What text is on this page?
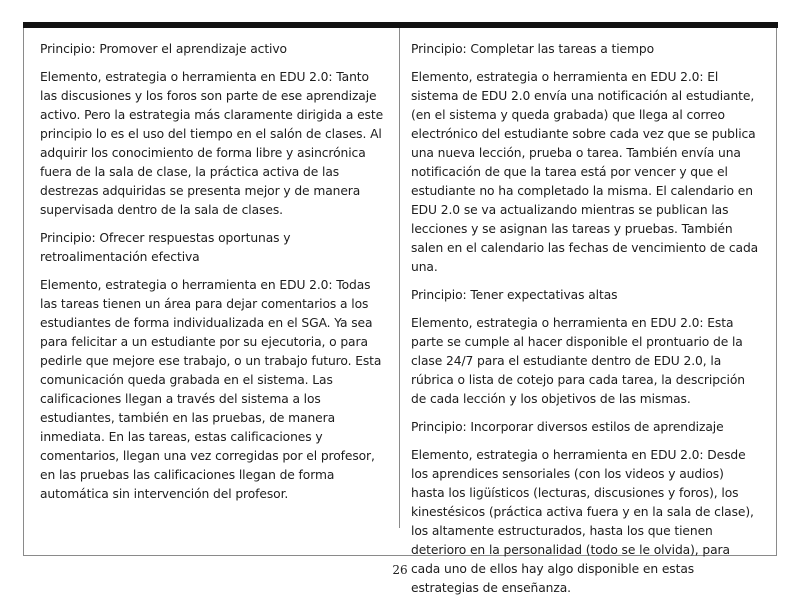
Principio: Promover el aprendizaje activo

Elemento, estrategia o herramienta en EDU 2.0: Tanto las discusiones y los foros son parte de ese aprendizaje activo. Pero la estrategia más claramente dirigida a este principio lo es el uso del tiempo en el salón de clases. Al adquirir los conocimiento de forma libre y asincrónica fuera de la sala de clase, la práctica activa de las destrezas adquiridas se presenta mejor y de manera supervisada dentro de la sala de clases.

Principio: Ofrecer respuestas oportunas y retroalimentación efectiva

Elemento, estrategia o herramienta en EDU 2.0: Todas las tareas tienen un área para dejar comentarios a los estudiantes de forma individualizada en el SGA. Ya sea para felicitar a un estudiante por su ejecutoria, o para pedirle que mejore ese trabajo, o un trabajo futuro. Esta comunicación queda grabada en el sistema. Las calificaciones llegan a través del sistema a los estudiantes, también en las pruebas, de manera inmediata. En las tareas, estas calificaciones y comentarios, llegan una vez corregidas por el profesor, en las pruebas las calificaciones llegan de forma automática sin intervención del profesor.

Principio: Completar las tareas a tiempo

Elemento, estrategia o herramienta en EDU 2.0: El sistema de EDU 2.0 envía una notificación al estudiante, (en el sistema y queda grabada) que llega al correo electrónico del estudiante sobre cada vez que se publica una nueva lección, prueba o tarea. También envía una notificación de que la tarea está por vencer y que el estudiante no ha completado la misma. El calendario en EDU 2.0 se va actualizando mientras se publican las lecciones y se asignan las tareas y pruebas. También salen en el calendario las fechas de vencimiento de cada una.

Principio: Tener expectativas altas

Elemento, estrategia o herramienta en EDU 2.0: Esta parte se cumple al hacer disponible el prontuario de la clase 24/7 para el estudiante dentro de EDU 2.0, la rúbrica o lista de cotejo para cada tarea, la descripción de cada lección y los objetivos de las mismas.

Principio: Incorporar diversos estilos de aprendizaje

Elemento, estrategia o herramienta en EDU 2.0: Desde los aprendices sensoriales (con los videos y audios) hasta los ligüísticos (lecturas, discusiones y foros), los kinestésicos (práctica activa fuera y en la sala de clase), los altamente estructurados, hasta los que tienen deterioro en la personalidad (todo se le olvida), para cada uno de ellos hay algo disponible en estas estrategias de enseñanza.

26
